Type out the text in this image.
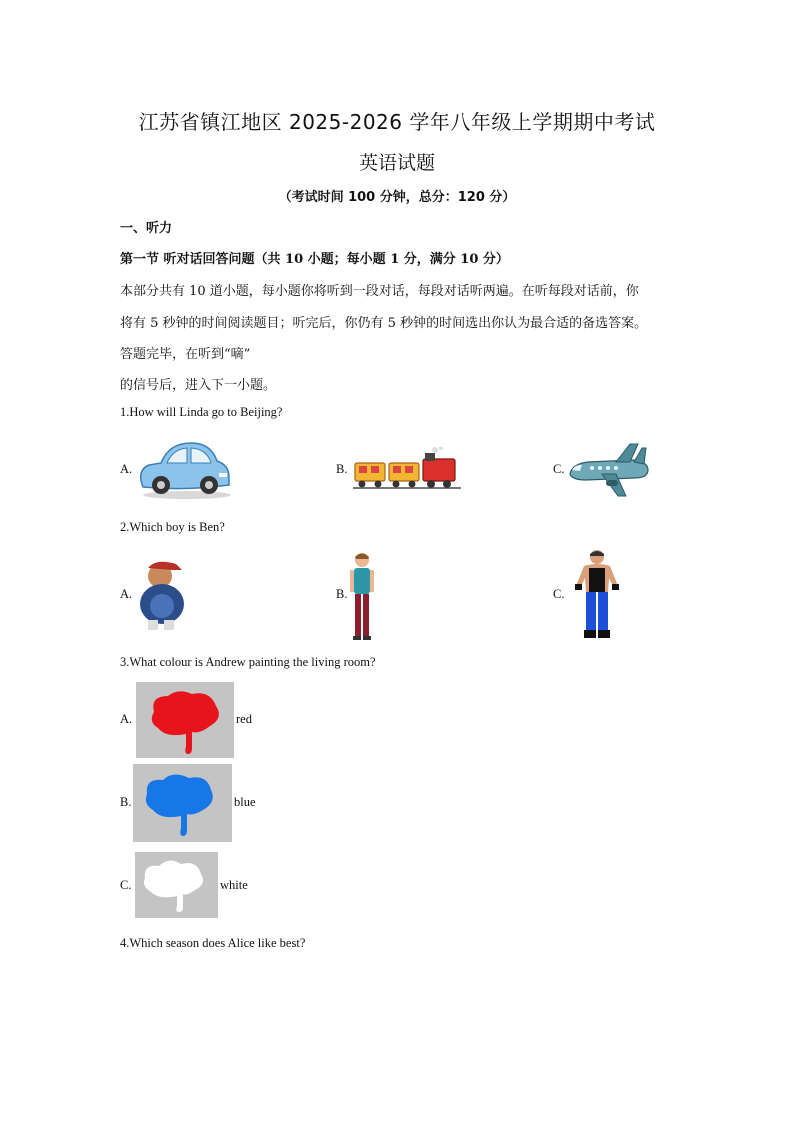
江苏省镇江地区 2025-2026 学年八年级上学期期中考试
英语试题
（考试时间 100 分钟，总分：120 分）
一、听力
第一节 听对话回答问题（共 10 小题；每小题 1 分，满分 10 分）
本部分共有 10 道小题，每小题你将听到一段对话，每段对话听两遍。在听每段对话前，你
将有 5 秒钟的时间阅读题目；听完后，你仍有 5 秒钟的时间选出你认为最合适的备选答案。
答题完毕，在听到“嘀”
的信号后，进入下一小题。
1.How will Linda go to Beijing?
A.	B.	C.
2.Which boy is Ben?
A.	B.	C.
3.What colour is Andrew painting the living room?
A.	red
B.	blue
C.	white
4.Which season does Alice like best?
